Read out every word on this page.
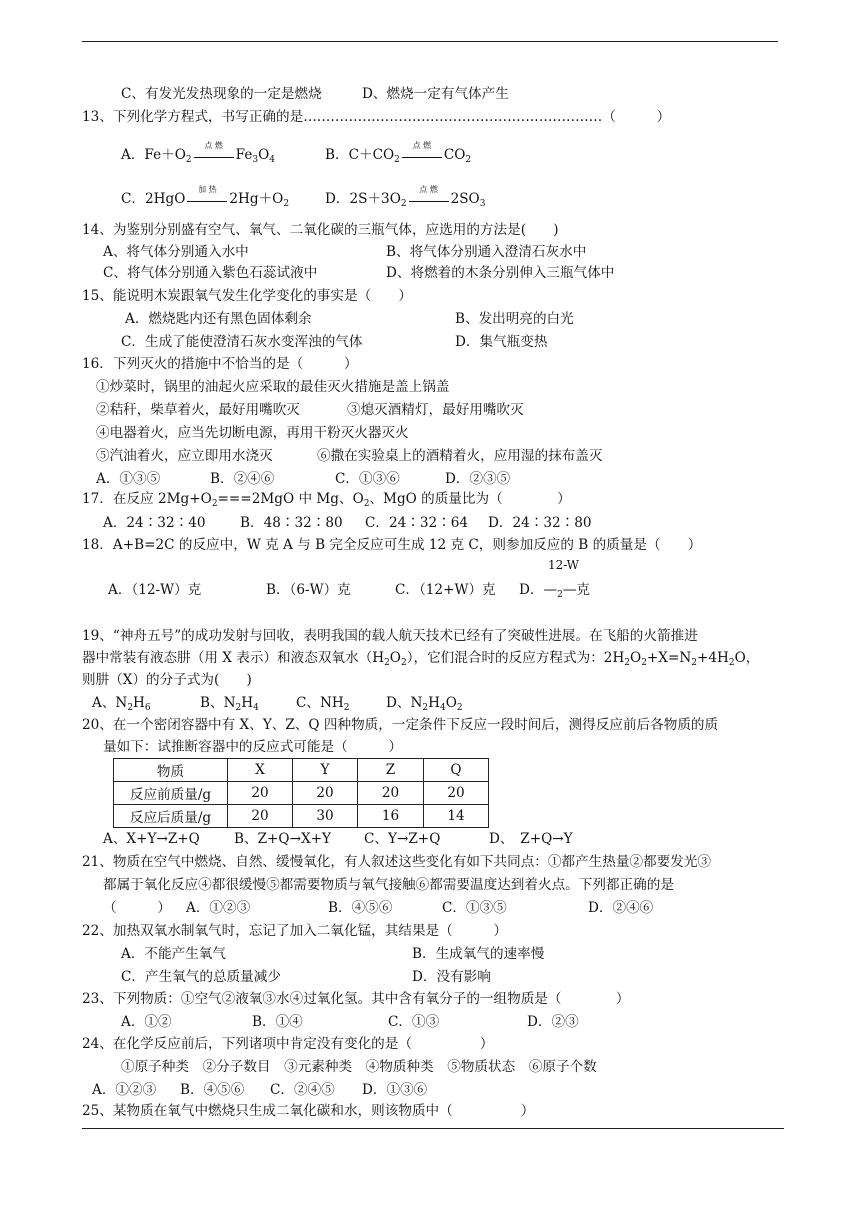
C、有发光发热现象的一定是燃烧	D、燃烧一定有气体产生
13、下列化学方程式，书写正确的是…………………………………………………………（　　　）
A．$Fe+O_2$
点 燃
$Fe_3O_4$	B．$C+CO_2$
点 燃
$CO_2$
C．2HgO
加 热
$2Hg+O_2$	D．$2S+3O_2$
点 燃
$2SO_3$
14、为鉴别分别盛有空气、氧气、二氧化碳的三瓶气体，应选用的方法是(　　)
A、将气体分别通入水中	B、将气体分别通入澄清石灰水中
C、将气体分别通入紫色石蕊试液中	D、将燃着的木条分别伸入三瓶气体中
15、能说明木炭跟氧气发生化学变化的事实是（　　）
A．燃烧匙内还有黑色固体剩余	B、发出明亮的白光
C．生成了能使澄清石灰水变浑浊的气体	D．集气瓶变热
16．下列灭火的措施中不恰当的是（　　　）
①炒菜时，锅里的油起火应采取的最佳灭火措施是盖上锅盖
②秸秆，柴草着火，最好用嘴吹灭	③熄灭酒精灯，最好用嘴吹灭
④电器着火，应当先切断电源，再用干粉灭火器灭火
⑤汽油着火，应立即用水浇灭	⑥撒在实验桌上的酒精着火，应用湿的抹布盖灭
A．①③⑤	B．②④⑥	C．①③⑥	D．②③⑤
17．在反应 $2Mg+O_2===2MgO$ 中 Mg、$O_2$、MgO 的质量比为（　　　　）
A．24∶32∶40	B．48∶32∶80 C．24∶32∶64 D．24∶32∶80
18．A+B=2C 的反应中，W 克 A 与 B 完全反应可生成 12 克 C，则参加反应的 B 的质量是（　　）
12-W
A．（12-W）克	B．（6-W）克	C．（12+W）克 D．$—_2—$克
19、“神舟五号”的成功发射与回收，表明我国的载人航天技术已经有了突破性进展。在飞船的火箭推进
器中常装有液态肼（用 X 表示）和液态双氧水$(H_2O_2)$，它们混合时的反应方程式为：$2H_2O_2+X=N_2+4H_2O$，
则肼（X）的分子式为(　　)
A、$N_2H_6$	B、$N_2H_4$	C、$NH_2$	D、$N_2H_4O_2$
20、在一个密闭容器中有 X、Y、Z、Q 四种物质，一定条件下反应一段时间后，测得反应前后各物质的质
量如下：试推断容器中的反应式可能是（　　　）
物质	X	Y	Z	Q
反应前质量/g	20	20	20	20
反应后质量/g	20	30	16	14
A、X+Y→Z+Q	B、Z+Q→X+Y C、Y→Z+Q	D、　Z+Q→Y
21、物质在空气中燃烧、自然、缓慢氧化，有人叙述这些变化有如下共同点：①都产生热量②都要发光③
都属于氧化反应④都很缓慢⑤都需要物质与氧气接触⑥都需要温度达到着火点。下列都正确的是
（　　　） A．①②③	B．④⑤⑥	C．①③⑤	D．②④⑥
22、加热双氧水制氧气时，忘记了加入二氧化锰，其结果是（　　　）
A．不能产生氧气	B．生成氧气的速率慢
C．产生氧气的总质量减少	D．没有影响
23、下列物质：①空气②液氧③水④过氧化氢。其中含有氧分子的一组物质是（　　　　）
A．①②	B．①④	C．①③	D．②③
24、在化学反应前后，下列诸项中肯定没有变化的是（　　　　　）
①原子种类　②分子数目　③元素种类　④物质种类　⑤物质状态　⑥原子个数
A．①②③ B．④⑤⑥ C．②④⑤ D．①③⑥
25、某物质在氧气中燃烧只生成二氧化碳和水，则该物质中（　　　　　）
